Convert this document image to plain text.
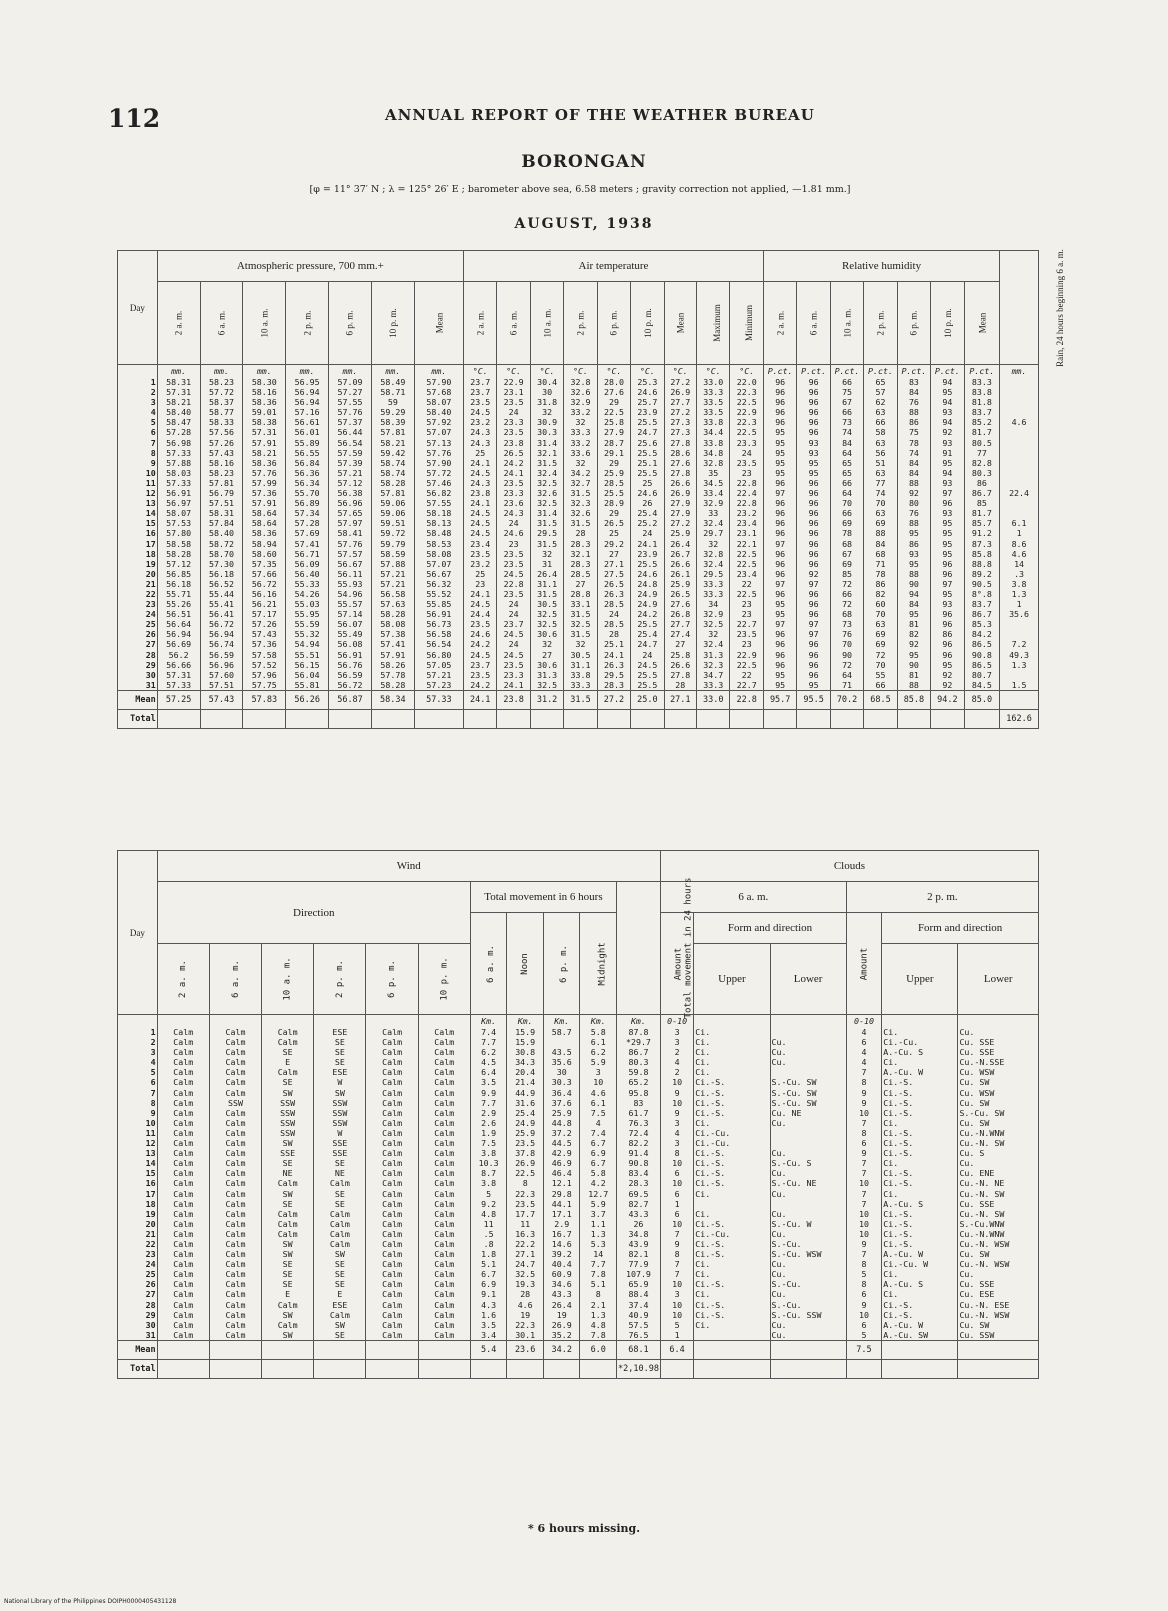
112	ANNUAL REPORT OF THE WEATHER BUREAU
BORONGAN
[φ = 11° 37′ N ; λ = 125° 26′ E ; barometer above sea, 6.58 meters ; gravity correction not applied, —1.81 mm.]
AUGUST, 1938
Day	Atmospheric pressure, 700 mm.+							Air temperature									Relative humidity							Rain, 24 hours beginning 6 a. m.
	2 a. m.	6 a. m.	10 a. m.	2 p. m.	6 p. m.	10 p. m.	Mean	2 a. m.	6 a. m.	10 a. m.	2 p. m.	6 p. m.	10 p. m.	Mean	Maximum	Minimum	2 a. m.	6 a. m.	10 a. m.	2 p. m.	6 p. m.	10 p. m.	Mean	
	mm.	mm.	mm.	mm.	mm.	mm.	mm.	°C.	°C.	°C.	°C.	°C.	°C.	°C.	°C.	°C.	P.ct.	P.ct.	P.ct.	P.ct.	P.ct.	P.ct.	P.ct.	mm.
1	58.31	58.23	58.30	56.95	57.09	58.49	57.90	23.7	22.9	30.4	32.8	28.0	25.3	27.2	33.0	22.0	96	96	66	65	83	94	83.3	
2	57.31	57.72	58.16	56.94	57.27	58.71	57.68	23.7	23.1	30	32.6	27.6	24.6	26.9	33.3	22.3	96	96	75	57	84	95	83.8	
3	58.21	58.37	58.36	56.94	57.55	59	58.07	23.5	23.5	31.8	32.9	29	25.7	27.7	33.5	22.5	96	96	67	62	76	94	81.8	
4	58.40	58.77	59.01	57.16	57.76	59.29	58.40	24.5	24	32	33.2	22.5	23.9	27.2	33.5	22.9	96	96	66	63	88	93	83.7	
5	58.47	58.33	58.38	56.61	57.37	58.39	57.92	23.2	23.3	30.9	32	25.8	25.5	27.3	33.8	22.3	96	96	73	66	86	94	85.2	4.6
6	57.28	57.56	57.31	56.01	56.44	57.81	57.07	24.3	23.5	30.3	33.3	27.9	24.7	27.3	34.4	22.5	95	96	74	58	75	92	81.7	
7	56.98	57.26	57.91	55.89	56.54	58.21	57.13	24.3	23.8	31.4	33.2	28.7	25.6	27.8	33.8	23.3	95	93	84	63	78	93	80.5	
8	57.33	57.43	58.21	56.55	57.59	59.42	57.76	25	26.5	32.1	33.6	29.1	25.5	28.6	34.8	24	95	93	64	56	74	91	77	
9	57.88	58.16	58.36	56.84	57.39	58.74	57.90	24.1	24.2	31.5	32	29	25.1	27.6	32.8	23.5	95	95	65	51	84	95	82.8	
10	58.03	58.23	57.76	56.36	57.21	58.74	57.72	24.5	24.1	32.4	34.2	25.9	25.5	27.8	35	23	95	95	65	63	84	94	80.3	
11	57.33	57.81	57.99	56.34	57.12	58.28	57.46	24.3	23.5	32.5	32.7	28.5	25	26.6	34.5	22.8	96	96	66	77	88	93	86	
12	56.91	56.79	57.36	55.70	56.38	57.81	56.82	23.8	23.3	32.6	31.5	25.5	24.6	26.9	33.4	22.4	97	96	64	74	92	97	86.7	22.4
13	56.97	57.51	57.91	56.89	56.96	59.06	57.55	24.1	23.6	32.5	32.3	28.9	26	27.9	32.9	22.8	96	96	70	70	80	96	85	
14	58.07	58.31	58.64	57.34	57.65	59.06	58.18	24.5	24.3	31.4	32.6	29	25.4	27.9	33	23.2	96	96	66	63	76	93	81.7	
15	57.53	57.84	58.64	57.28	57.97	59.51	58.13	24.5	24	31.5	31.5	26.5	25.2	27.2	32.4	23.4	96	96	69	69	88	95	85.7	6.1
16	57.80	58.40	58.36	57.69	58.41	59.72	58.48	24.5	24.6	29.5	28	25	24	25.9	29.7	23.1	96	96	78	88	95	95	91.2	1
17	58.58	58.72	58.94	57.41	57.76	59.79	58.53	23.4	23	31.5	28.3	29.2	24.1	26.4	32	22.1	97	96	68	84	86	95	87.3	8.6
18	58.28	58.70	58.60	56.71	57.57	58.59	58.08	23.5	23.5	32	32.1	27	23.9	26.7	32.8	22.5	96	96	67	68	93	95	85.8	4.6
19	57.12	57.30	57.35	56.09	56.67	57.88	57.07	23.2	23.5	31	28.3	27.1	25.5	26.6	32.4	22.5	96	96	69	71	95	96	88.8	14
20	56.85	56.18	57.66	56.40	56.11	57.21	56.67	25	24.5	26.4	28.5	27.5	24.6	26.1	29.5	23.4	96	92	85	78	88	96	89.2	.3
21	56.18	56.52	56.72	55.33	55.93	57.21	56.32	23	22.8	31.1	27	26.5	24.8	25.9	33.3	22	97	97	72	86	90	97	90.5	3.8
22	55.71	55.44	56.16	54.26	54.96	56.58	55.52	24.1	23.5	31.5	28.8	26.3	24.9	26.5	33.3	22.5	96	96	66	82	94	95	8°.8	1.3
23	55.26	55.41	56.21	55.03	55.57	57.63	55.85	24.5	24	30.5	33.1	28.5	24.9	27.6	34	23	95	96	72	60	84	93	83.7	1
24	56.51	56.41	57.17	55.95	57.14	58.28	56.91	24.4	24	32.5	31.5	24	24.2	26.8	32.9	23	95	96	68	70	95	96	86.7	35.6
25	56.64	56.72	57.26	55.59	56.07	58.08	56.73	23.5	23.7	32.5	32.5	28.5	25.5	27.7	32.5	22.7	97	97	73	63	81	96	85.3	
26	56.94	56.94	57.43	55.32	55.49	57.38	56.58	24.6	24.5	30.6	31.5	28	25.4	27.4	32	23.5	96	97	76	69	82	86	84.2	
27	56.69	56.74	57.36	54.94	56.08	57.41	56.54	24.2	24	32	32	25.1	24.7	27	32.4	23	96	96	70	69	92	96	86.5	7.2
28	56.2	56.59	57.58	55.51	56.91	57.91	56.80	24.5	24.5	27	30.5	24.1	24	25.8	31.3	22.9	96	96	90	72	95	96	90.8	49.3
29	56.66	56.96	57.52	56.15	56.76	58.26	57.05	23.7	23.5	30.6	31.1	26.3	24.5	26.6	32.3	22.5	96	96	72	70	90	95	86.5	1.3
30	57.31	57.60	57.96	56.04	56.59	57.78	57.21	23.5	23.3	31.3	33.8	29.5	25.5	27.8	34.7	22	95	96	64	55	81	92	80.7	
31	57.33	57.51	57.75	55.81	56.72	58.28	57.23	24.2	24.1	32.5	33.3	28.3	25.5	28	33.3	22.7	95	95	71	66	88	92	84.5	1.5
Mean	57.25	57.43	57.83	56.26	56.87	58.34	57.33	24.1	23.8	31.2	31.5	27.2	25.0	27.1	33.0	22.8	95.7	95.5	70.2	68.5	85.8	94.2	85.0	
Total																								162.6
Day	Wind											Clouds					
	Direction						Total movement in 6 hours				Total movement in 24 hours	6 a. m.			2 p. m.		
							6 a. m.	Noon	6 p. m.	Midnight		Amount	Form and direction		Amount	Form and direction	
	2 a. m.	6 a. m.	10 a. m.	2 p. m.	6 p. m.	10 p. m.							Upper	Lower		Upper	Lower
							Km.	Km.	Km.	Km.	Km.	0-10			0-10		
1	Calm	Calm	Calm	ESE	Calm	Calm	7.4	15.9	58.7	5.8	87.8	3	Ci.		4	Ci.	Cu.
2	Calm	Calm	Calm	SE	Calm	Calm	7.7	15.9		6.1	*29.7	3	Ci.	Cu.	6	Ci.-Cu.	Cu. SSE
3	Calm	Calm	SE	SE	Calm	Calm	6.2	30.8	43.5	6.2	86.7	2	Ci.	Cu.	4	A.-Cu. S	Cu. SSE
4	Calm	Calm	E	SE	Calm	Calm	4.5	34.3	35.6	5.9	80.3	4	Ci.	Cu.	4	Ci.	Cu.-N.SSE
5	Calm	Calm	Calm	ESE	Calm	Calm	6.4	20.4	30	3	59.8	2	Ci.		7	A.-Cu. W	Cu. WSW
6	Calm	Calm	SE	W	Calm	Calm	3.5	21.4	30.3	10	65.2	10	Ci.-S.	S.-Cu. SW	8	Ci.-S.	Cu. SW
7	Calm	Calm	SW	SW	Calm	Calm	9.9	44.9	36.4	4.6	95.8	9	Ci.-S.	S.-Cu. SW	9	Ci.-S.	Cu. WSW
8	Calm	SSW	SSW	SSW	Calm	Calm	7.7	31.6	37.6	6.1	83	10	Ci.-S.	S.-Cu. SW	9	Ci.-S.	Cu. SW
9	Calm	Calm	SSW	SSW	Calm	Calm	2.9	25.4	25.9	7.5	61.7	9	Ci.-S.	Cu. NE	10	Ci.-S.	S.-Cu. SW
10	Calm	Calm	SSW	SSW	Calm	Calm	2.6	24.9	44.8	4	76.3	3	Ci.	Cu.	7	Ci.	Cu. SW
11	Calm	Calm	SSW	W	Calm	Calm	1.9	25.9	37.2	7.4	72.4	4	Ci.-Cu.		8	Ci.-S.	Cu.-N.WNW
12	Calm	Calm	SW	SSE	Calm	Calm	7.5	23.5	44.5	6.7	82.2	3	Ci.-Cu.		6	Ci.-S.	Cu.-N. SW
13	Calm	Calm	SSE	SSE	Calm	Calm	3.8	37.8	42.9	6.9	91.4	8	Ci.-S.	Cu.	9	Ci.-S.	Cu. S
14	Calm	Calm	SE	SE	Calm	Calm	10.3	26.9	46.9	6.7	90.8	10	Ci.-S.	S.-Cu. S	7	Ci.	Cu.
15	Calm	Calm	NE	NE	Calm	Calm	8.7	22.5	46.4	5.8	83.4	6	Ci.-S.	Cu.	7	Ci.-S.	Cu. ENE
16	Calm	Calm	Calm	Calm	Calm	Calm	3.8	8	12.1	4.2	28.3	10	Ci.-S.	S.-Cu. NE	10	Ci.-S.	Cu.-N. NE
17	Calm	Calm	SW	SE	Calm	Calm	5	22.3	29.8	12.7	69.5	6	Ci.	Cu.	7	Ci.	Cu.-N. SW
18	Calm	Calm	SE	SE	Calm	Calm	9.2	23.5	44.1	5.9	82.7	1			7	A.-Cu. S	Cu. SSE
19	Calm	Calm	Calm	Calm	Calm	Calm	4.8	17.7	17.1	3.7	43.3	6	Ci.	Cu.	10	Ci.-S.	Cu.-N. SW
20	Calm	Calm	Calm	Calm	Calm	Calm	11	11	2.9	1.1	26	10	Ci.-S.	S.-Cu. W	10	Ci.-S.	S.-Cu.WNW
21	Calm	Calm	Calm	Calm	Calm	Calm	.5	16.3	16.7	1.3	34.8	7	Ci.-Cu.	Cu.	10	Ci.-S.	Cu.-N.WNW
22	Calm	Calm	SW	Calm	Calm	Calm	.8	22.2	14.6	5.3	43.9	9	Ci.-S.	S.-Cu.	9	Ci.-S.	Cu.-N. WSW
23	Calm	Calm	SW	SW	Calm	Calm	1.8	27.1	39.2	14	82.1	8	Ci.-S.	S.-Cu. WSW	7	A.-Cu. W	Cu. SW
24	Calm	Calm	SE	SE	Calm	Calm	5.1	24.7	40.4	7.7	77.9	7	Ci.	Cu.	8	Ci.-Cu. W	Cu.-N. WSW
25	Calm	Calm	SE	SE	Calm	Calm	6.7	32.5	60.9	7.8	107.9	7	Ci.	Cu.	5	Ci.	Cu.
26	Calm	Calm	SE	SE	Calm	Calm	6.9	19.3	34.6	5.1	65.9	10	Ci.-S.	S.-Cu.	8	A.-Cu. S	Cu. SSE
27	Calm	Calm	E	E	Calm	Calm	9.1	28	43.3	8	88.4	3	Ci.	Cu.	6	Ci.	Cu. ESE
28	Calm	Calm	Calm	ESE	Calm	Calm	4.3	4.6	26.4	2.1	37.4	10	Ci.-S.	S.-Cu.	9	Ci.-S.	Cu.-N. ESE
29	Calm	Calm	SW	Calm	Calm	Calm	1.6	19	19	1.3	40.9	10	Ci.-S.	S.-Cu. SSW	10	Ci.-S.	Cu.-N. WSW
30	Calm	Calm	Calm	SW	Calm	Calm	3.5	22.3	26.9	4.8	57.5	5	Ci.	Cu.	6	A.-Cu. W	Cu. SW
31	Calm	Calm	SW	SE	Calm	Calm	3.4	30.1	35.2	7.8	76.5	1		Cu.	5	A.-Cu. SW	Cu. SSW
Mean							5.4	23.6	34.2	6.0	68.1	6.4			7.5		
Total											*2,10.98						
* 6 hours missing.
National Library of the Philippines DOIPH0000405431128
